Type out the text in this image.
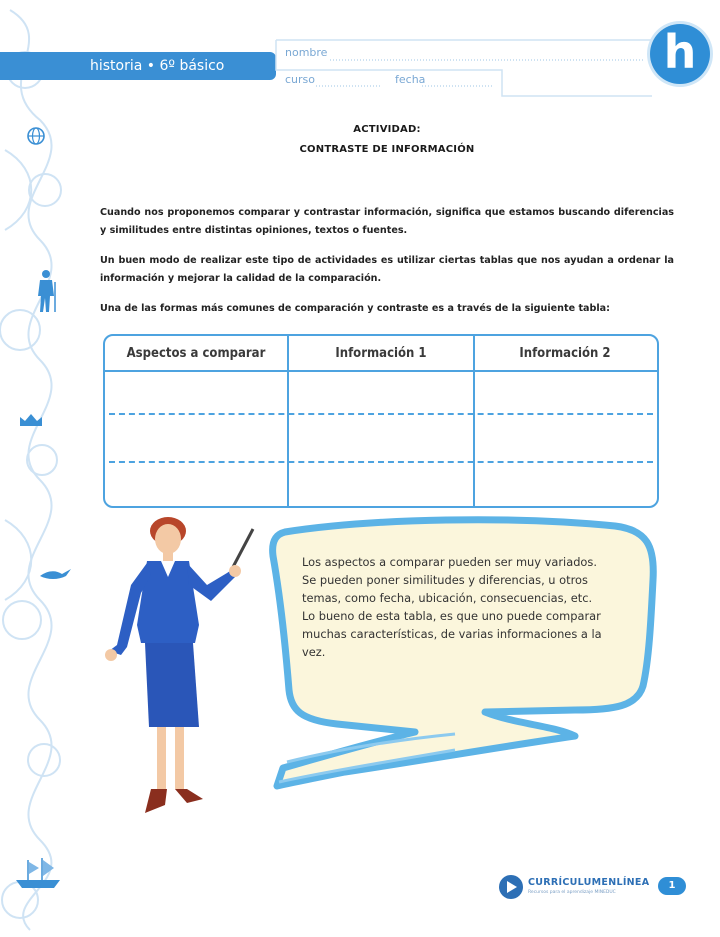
historia • 6º básico
nombre
curso	fecha
h
ACTIVIDAD:
CONTRASTE DE INFORMACIÓN
Cuando nos proponemos comparar y contrastar información, significa que estamos buscando diferencias y similitudes entre distintas opiniones, textos o fuentes.
Un buen modo de realizar este tipo de actividades es utilizar ciertas tablas que nos ayudan a ordenar la información y mejorar la calidad de la comparación.
Una de las formas más comunes de comparación y contraste es a través de la siguiente tabla:
Aspectos a comparar	Información 1	Información 2
Los aspectos a comparar pueden ser muy variados. Se pueden poner similitudes y diferencias, u otros temas, como fecha, ubicación, consecuencias, etc. Lo bueno de esta tabla, es que uno puede comparar muchas características, de varias informaciones a la vez.
CURRÍCULUMENLÍNEA
Recursos para el aprendizaje MINEDUC
1
